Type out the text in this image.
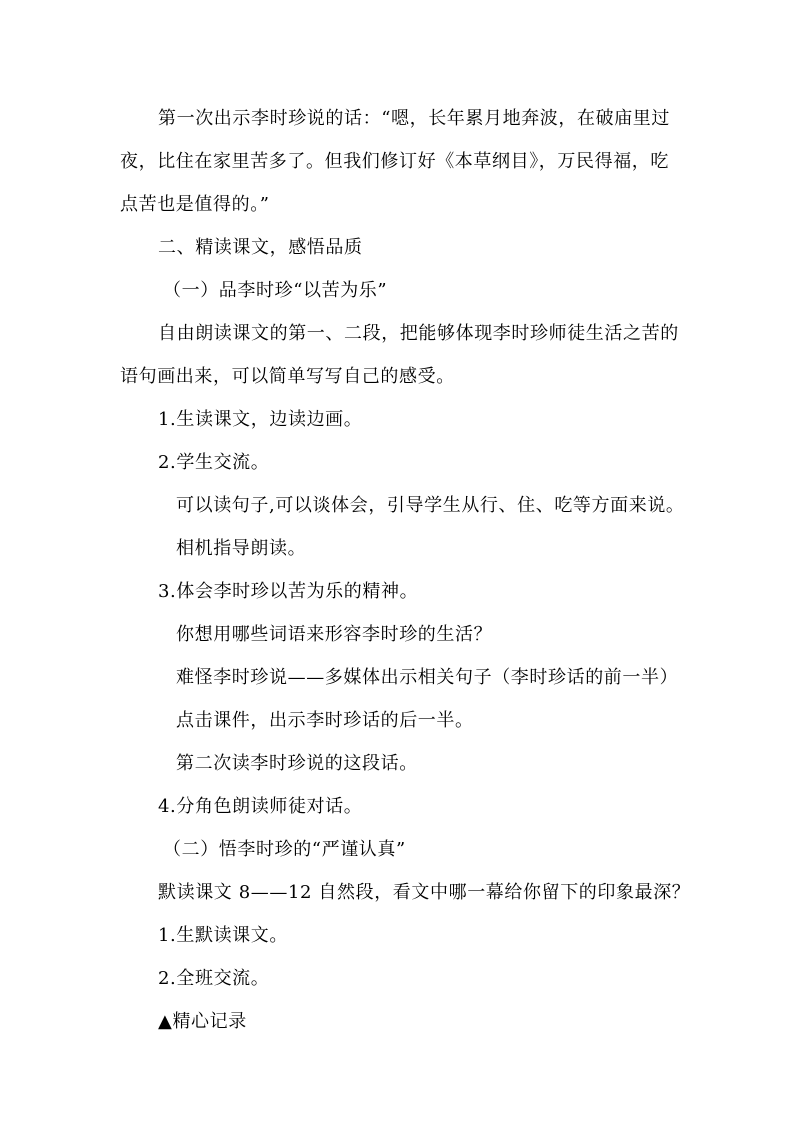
第一次出示李时珍说的话：“嗯，长年累月地奔波，在破庙里过
夜，比住在家里苦多了。但我们修订好《本草纲目》，万民得福，吃
点苦也是值得的。”
二、精读课文，感悟品质
（一）品李时珍“以苦为乐”
自由朗读课文的第一、二段，把能够体现李时珍师徒生活之苦的
语句画出来，可以简单写写自己的感受。
1.生读课文，边读边画。
2.学生交流。
可以读句子,可以谈体会，引导学生从行、住、吃等方面来说。
相机指导朗读。
3.体会李时珍以苦为乐的精神。
你想用哪些词语来形容李时珍的生活？
难怪李时珍说——多媒体出示相关句子（李时珍话的前一半）
点击课件，出示李时珍话的后一半。
第二次读李时珍说的这段话。
4.分角色朗读师徒对话。
（二）悟李时珍的“严谨认真”
默读课文 8——12 自然段，看文中哪一幕给你留下的印象最深？
1.生默读课文。
2.全班交流。
▲精心记录
